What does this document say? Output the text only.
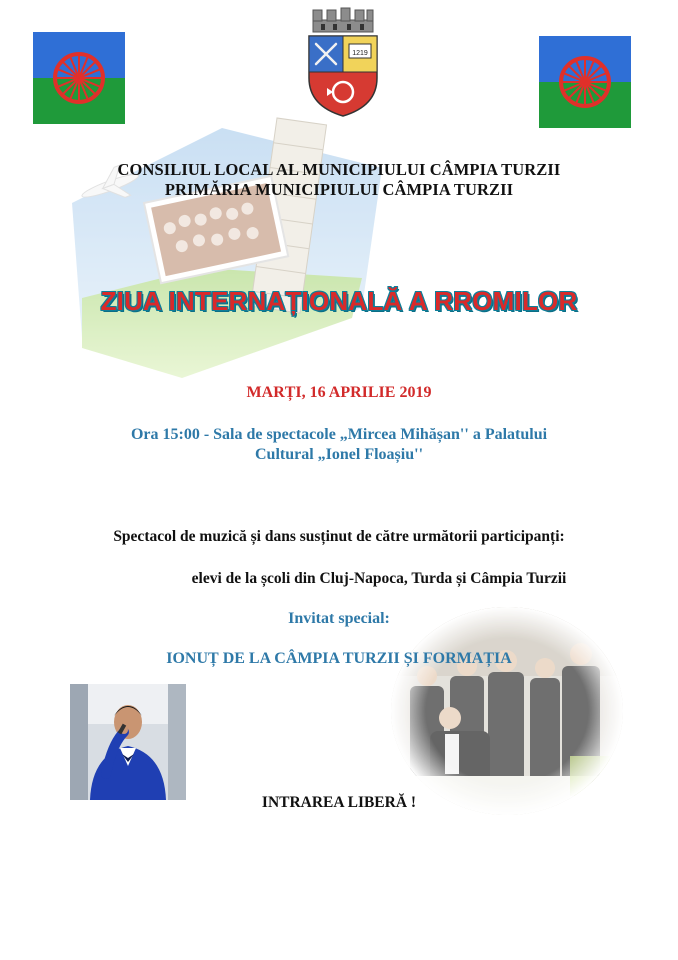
1219
CONSILIUL LOCAL AL MUNICIPIULUI CÂMPIA TURZII
PRIMĂRIA MUNICIPIULUI CÂMPIA TURZII
ZIUA INTERNAȚIONALĂ A RROMILOR
MARȚI, 16 APRILIE 2019
Ora 15:00 - Sala de spectacole „Mircea Mihășan'' a Palatului
Cultural „Ionel Floașiu''
Spectacol de muzică și dans susținut de către următorii participanți:
elevi de la școli din Cluj-Napoca, Turda și Câmpia Turzii
Invitat special:
IONUȚ DE LA CÂMPIA TURZII ȘI FORMAȚIA
INTRAREA LIBERĂ !
